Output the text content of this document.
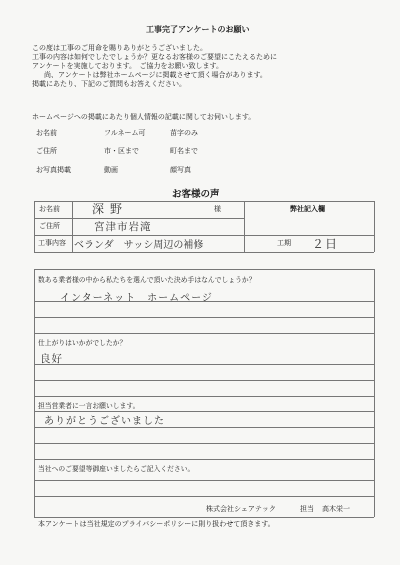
工事完了アンケートのお願い
この度は工事のご用命を賜りありがとうございました。
工事の内容は如何でしたでしょうか？更なるお客様のご要望にこたえるために
アンケートを実施しております。　ご協力をお願い致します。
尚、アンケートは弊社ホームページに掲載させて頂く場合があります。
掲載にあたり、下記のご質問もお答えください。
ホームページへの掲載にあたり個人情報の記載に関してお伺いします。
お名前	フルネーム可	苗字のみ
ご住所	市・区まで	町名まで
お写真掲載	動画	顔写真
お客様の声
お名前	深野	様	弊社記入欄
ご住所	宮津市岩滝
工事内容 ベランダ　サッシ周辺の補修	工期 ２日
数ある業者様の中から私たちを選んで頂いた決め手はなんでしょうか？
インターネット　ホームページ
仕上がりはいかがでしたか？
良好
担当営業者に一言お願いします。
ありがとうございました
当社へのご要望等御座いましたらご記入ください。
株式会社シェアテック	担当 高木栄一
本アンケートは当社規定のプライバシーポリシーに則り扱わせて頂きます。
